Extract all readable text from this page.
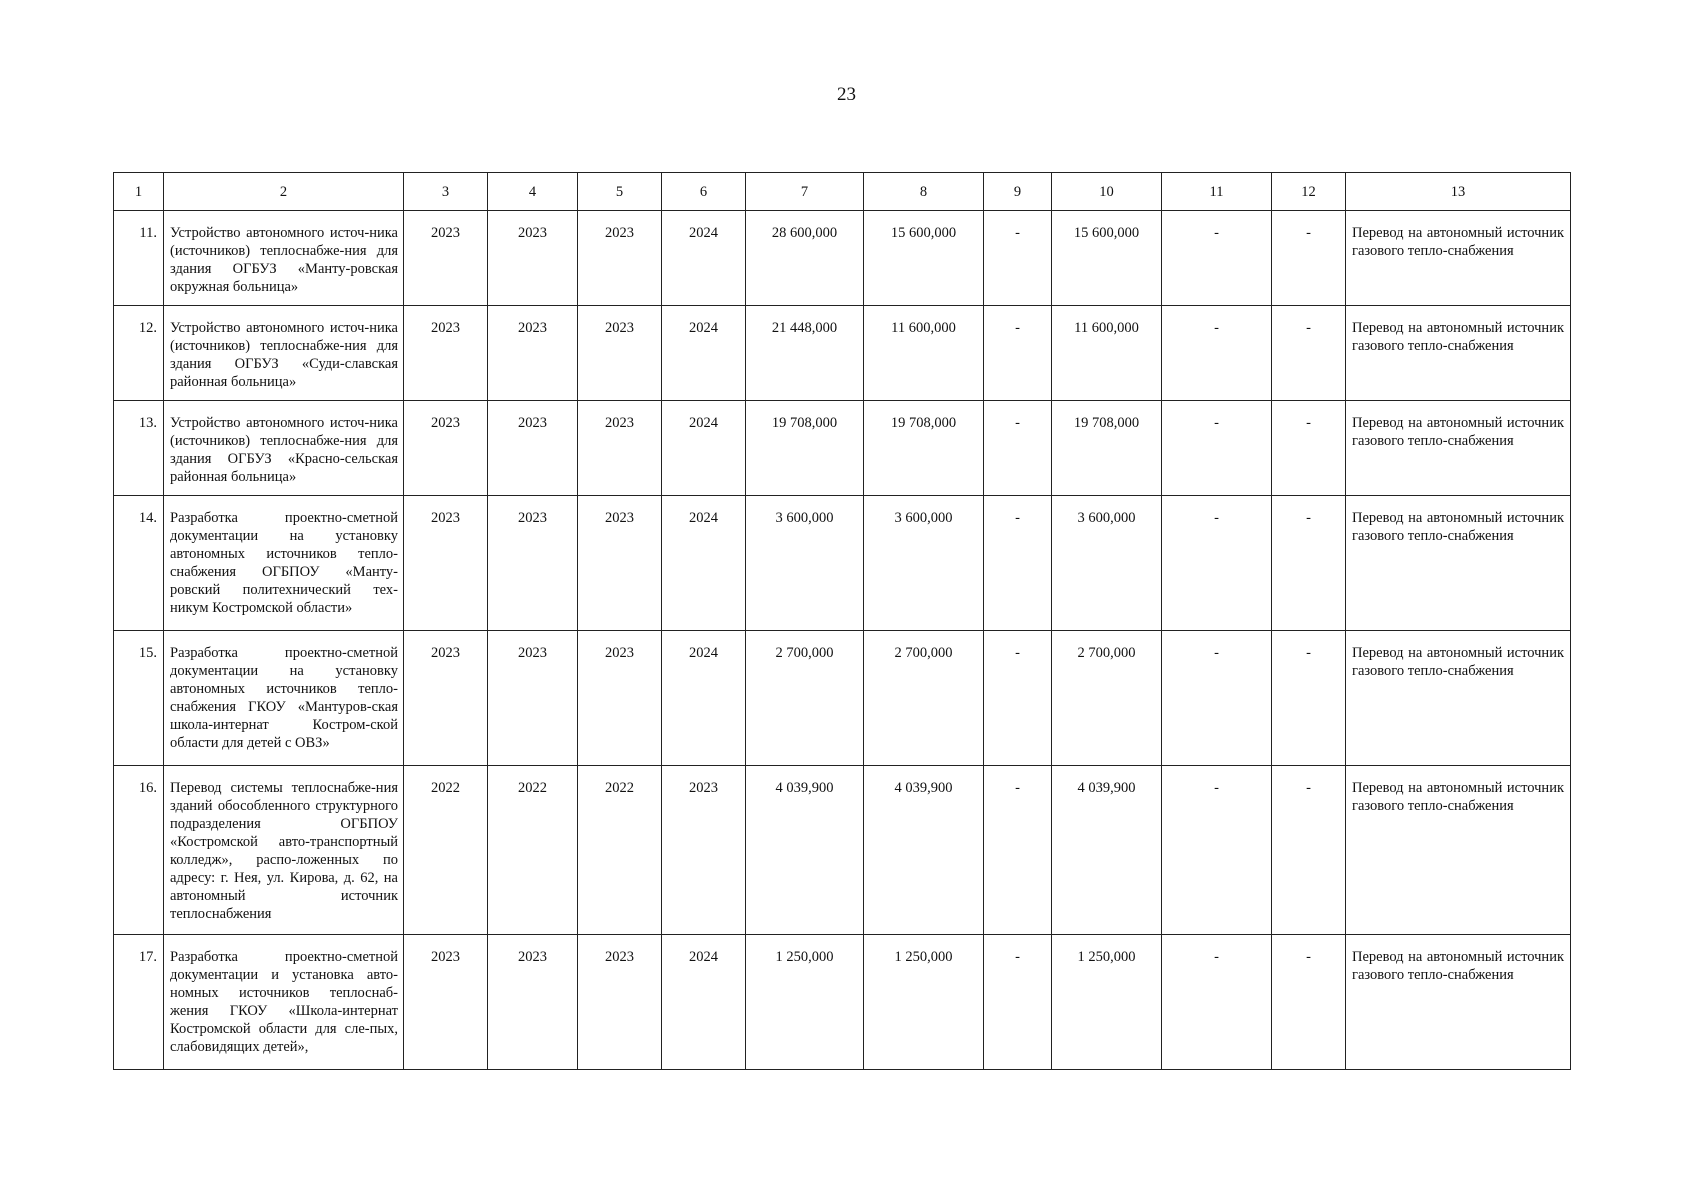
23
1	2	3	4	5	6	7	8	9	10	11	12	13

11.	Устройство автономного источ-ника (источников) теплоснабже-ния для здания ОГБУЗ «Манту-ровская окружная больница»	2023	2023	2023	2024	28 600,000	15 600,000	-	15 600,000	-	-	Перевод на автономный источник газового тепло-снабжения

12.	Устройство автономного источ-ника (источников) теплоснабже-ния для здания ОГБУЗ «Суди-славская районная больница»	2023	2023	2023	2024	21 448,000	11 600,000	-	11 600,000	-	-	Перевод на автономный источник газового тепло-снабжения

13.	Устройство автономного источ-ника (источников) теплоснабже-ния для здания ОГБУЗ «Красно-сельская районная больница»	2023	2023	2023	2024	19 708,000	19 708,000	-	19 708,000	-	-	Перевод на автономный источник газового тепло-снабжения

14.	Разработка проектно-сметной документации на установку автономных источников тепло-снабжения ОГБПОУ «Манту-ровский политехнический тех-никум Костромской области»	2023	2023	2023	2024	3 600,000	3 600,000	-	3 600,000	-	-	Перевод на автономный источник газового тепло-снабжения

15.	Разработка проектно-сметной документации на установку автономных источников тепло-снабжения ГКОУ «Мантуров-ская школа-интернат Костром-ской области для детей с ОВЗ»	2023	2023	2023	2024	2 700,000	2 700,000	-	2 700,000	-	-	Перевод на автономный источник газового тепло-снабжения

16.	Перевод системы теплоснабже-ния зданий обособленного структурного подразделения ОГБПОУ «Костромской авто-транспортный колледж», распо-ложенных по адресу: г. Нея, ул. Кирова, д. 62, на автономный источник теплоснабжения	2022	2022	2022	2023	4 039,900	4 039,900	-	4 039,900	-	-	Перевод на автономный источник газового тепло-снабжения

17.	Разработка проектно-сметной документации и установка авто-номных источников теплоснаб-жения ГКОУ «Школа-интернат Костромской области для сле-пых, слабовидящих детей»,	2023	2023	2023	2024	1 250,000	1 250,000	-	1 250,000	-	-	Перевод на автономный источник газового тепло-снабжения
